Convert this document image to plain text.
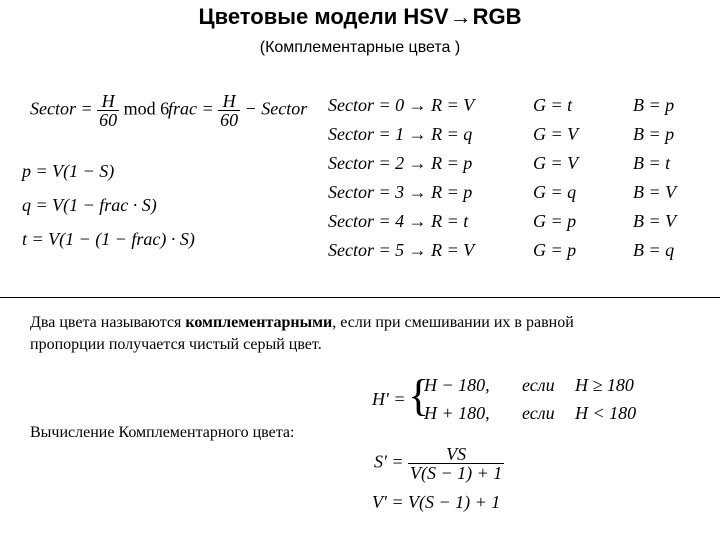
Цветовые модели HSV→RGB
(Комплементарные цвета )
Sector = $\frac{H}{60}$ mod 6
frac = $\frac{H}{60}$ − Sector
p = V(1 − S)
q = V(1 − frac · S)
t = V(1 − (1 − frac) · S)
Sector = 0 → R = V	G = t	B = p
Sector = 1 → R = q	G = V	B = p
Sector = 2 → R = p	G = V	B = t
Sector = 3 → R = p	G = q	B = V
Sector = 4 → R = t	G = p	B = V
Sector = 5 → R = V	G = p	B = q
Два цвета называются комплементарными, если при смешивании их в равной
пропорции получается чистый серый цвет.
Вычисление Комплементарного цвета:
H' = {
H − 180, если H ≥ 180
H + 180, если H < 180
$S' = \frac{VS}{V(S - 1) + 1}$
V' = V(S − 1) + 1
